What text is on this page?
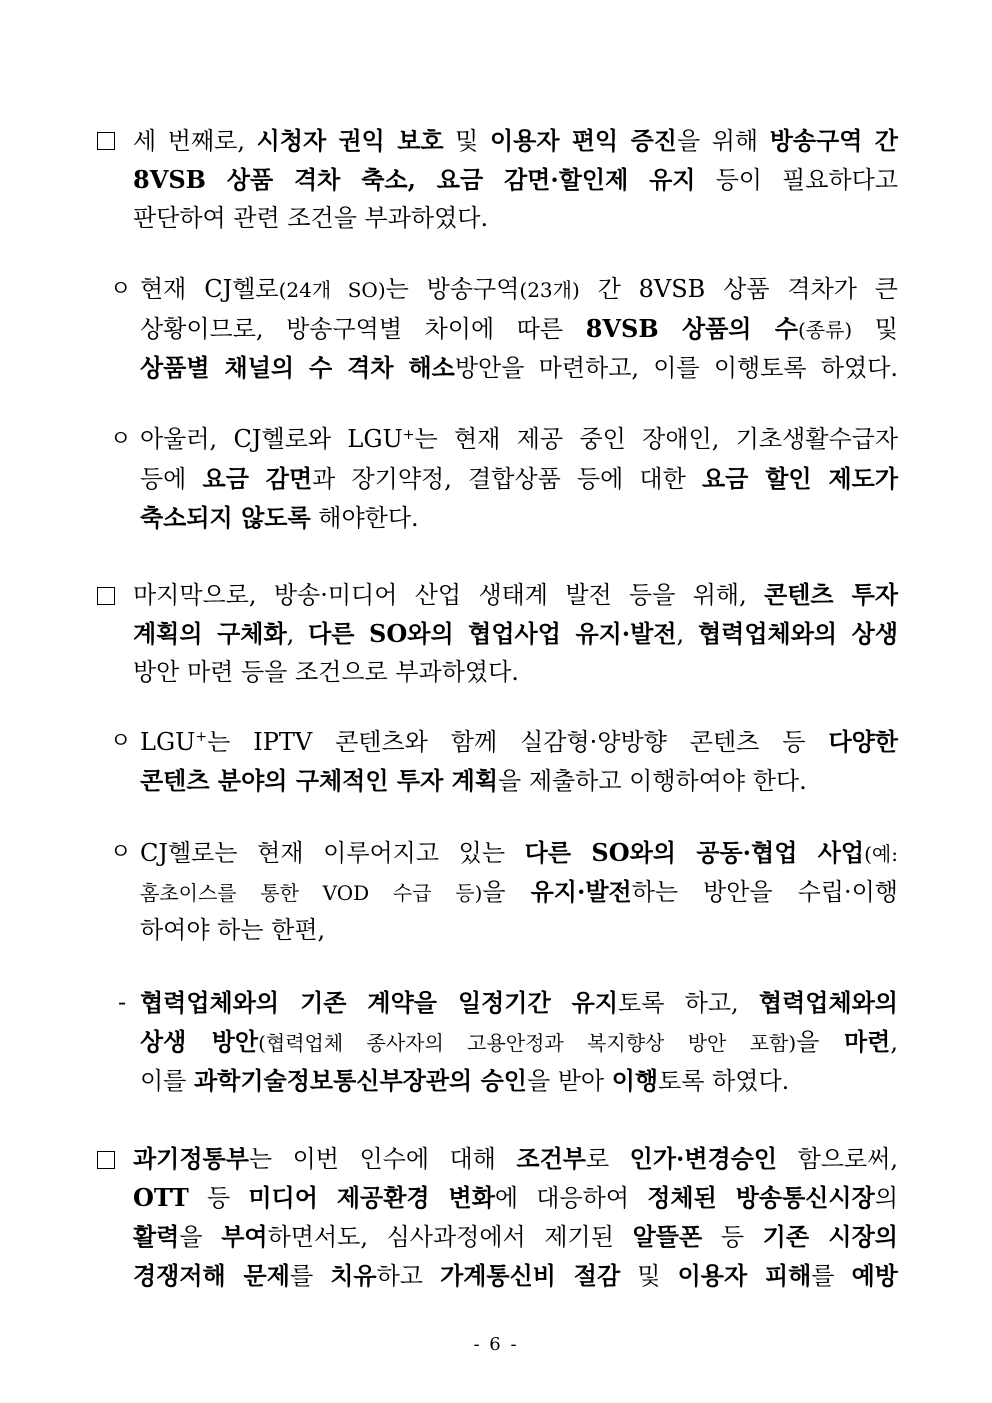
세 번째로, 시청자 권익 보호 및 이용자 편익 증진을 위해 방송구역 간
8VSB 상품 격차 축소, 요금 감면·할인제 유지 등이 필요하다고
판단하여 관련 조건을 부과하였다.
ㅇ 현재 CJ헬로(24개 SO)는 방송구역(23개) 간 8VSB 상품 격차가 큰
상황이므로, 방송구역별 차이에 따른 8VSB 상품의 수(종류) 및
상품별 채널의 수 격차 해소방안을 마련하고, 이를 이행토록 하였다.
ㅇ 아울러, CJ헬로와 LGU+는 현재 제공 중인 장애인, 기초생활수급자
등에 요금 감면과 장기약정, 결합상품 등에 대한 요금 할인 제도가
축소되지 않도록 해야한다.
마지막으로, 방송·미디어 산업 생태계 발전 등을 위해, 콘텐츠 투자
계획의 구체화, 다른 SO와의 협업사업 유지·발전, 협력업체와의 상생
방안 마련 등을 조건으로 부과하였다.
ㅇ LGU+는 IPTV 콘텐츠와 함께 실감형·양방향 콘텐츠 등 다양한
콘텐츠 분야의 구체적인 투자 계획을 제출하고 이행하여야 한다.
ㅇ CJ헬로는 현재 이루어지고 있는 다른 SO와의 공동·협업 사업(예:
홈초이스를 통한 VOD 수급 등)을 유지·발전하는 방안을 수립·이행
하여야 하는 한편,
- 협력업체와의 기존 계약을 일정기간 유지토록 하고, 협력업체와의
상생 방안(협력업체 종사자의 고용안정과 복지향상 방안 포함)을 마련,
이를 과학기술정보통신부장관의 승인을 받아 이행토록 하였다.
과기정통부는 이번 인수에 대해 조건부로 인가·변경승인 함으로써,
OTT 등 미디어 제공환경 변화에 대응하여 정체된 방송통신시장의
활력을 부여하면서도, 심사과정에서 제기된 알뜰폰 등 기존 시장의
경쟁저해 문제를 치유하고 가계통신비 절감 및 이용자 피해를 예방
- 6 -
